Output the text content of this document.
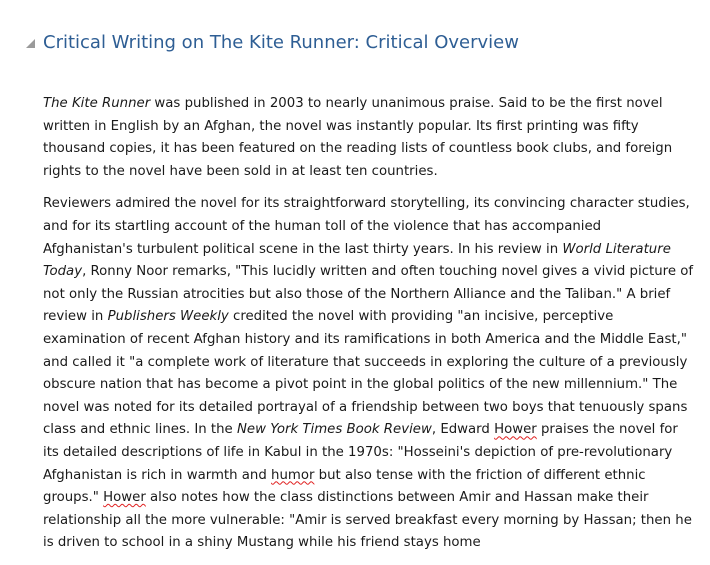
Critical Writing on The Kite Runner: Critical Overview

The Kite Runner was published in 2003 to nearly unanimous praise. Said to be the first novel written in English by an Afghan, the novel was instantly popular. Its first printing was fifty thousand copies, it has been featured on the reading lists of countless book clubs, and foreign rights to the novel have been sold in at least ten countries.

Reviewers admired the novel for its straightforward storytelling, its convincing character studies, and for its startling account of the human toll of the violence that has accompanied Afghanistan's turbulent political scene in the last thirty years. In his review in World Literature Today, Ronny Noor remarks, "This lucidly written and often touching novel gives a vivid picture of not only the Russian atrocities but also those of the Northern Alliance and the Taliban." A brief review in Publishers Weekly credited the novel with providing "an incisive, perceptive examination of recent Afghan history and its ramifications in both America and the Middle East," and called it "a complete work of literature that succeeds in exploring the culture of a previously obscure nation that has become a pivot point in the global politics of the new millennium." The novel was noted for its detailed portrayal of a friendship between two boys that tenuously spans class and ethnic lines. In the New York Times Book Review, Edward Hower praises the novel for its detailed descriptions of life in Kabul in the 1970s: "Hosseini's depiction of pre-revolutionary Afghanistan is rich in warmth and humor but also tense with the friction of different ethnic groups." Hower also notes how the class distinctions between Amir and Hassan make their relationship all the more vulnerable: "Amir is served breakfast every morning by Hassan; then he is driven to school in a shiny Mustang while his friend stays home
